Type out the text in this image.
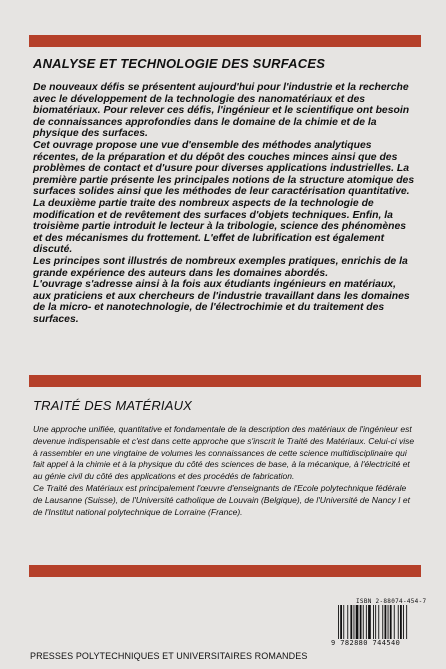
ANALYSE ET TECHNOLOGIE DES SURFACES

De nouveaux défis se présentent aujourd'hui pour l'industrie et la recherche avec le développement de la technologie des nanomatériaux et des biomatériaux. Pour relever ces défis, l'ingénieur et le scientifique ont besoin de connaissances approfondies dans le domaine de la chimie et de la physique des surfaces.

Cet ouvrage propose une vue d'ensemble des méthodes analytiques récentes, de la préparation et du dépôt des couches minces ainsi que des problèmes de contact et d'usure pour diverses applications industrielles. La première partie présente les principales notions de la structure atomique des surfaces solides ainsi que les méthodes de leur caractérisation quantitative. La deuxième partie traite des nombreux aspects de la technologie de modification et de revêtement des surfaces d'objets techniques. Enfin, la troisième partie introduit le lecteur à la tribologie, science des phénomènes et des mécanismes du frottement. L'effet de lubrification est également discuté.

Les principes sont illustrés de nombreux exemples pratiques, enrichis de la grande expérience des auteurs dans les domaines abordés.

L'ouvrage s'adresse ainsi à la fois aux étudiants ingénieurs en matériaux, aux praticiens et aux chercheurs de l'industrie travaillant dans les domaines de la micro- et nanotechnologie, de l'électrochimie et du traitement des surfaces.

TRAITÉ DES MATÉRIAUX

Une approche unifiée, quantitative et fondamentale de la description des matériaux de l'ingénieur est devenue indispensable et c'est dans cette approche que s'inscrit le Traité des Matériaux. Celui-ci vise à rassembler en une vingtaine de volumes les connaissances de cette science multidisciplinaire qui fait appel à la chimie et à la physique du côté des sciences de base, à la mécanique, à l'électricité et au génie civil du côté des applications et des procédés de fabrication.

Ce Traité des Matériaux est principalement l'œuvre d'enseignants de l'Ecole polytechnique fédérale de Lausanne (Suisse), de l'Université catholique de Louvain (Belgique), de l'Université de Nancy I et de l'Institut national polytechnique de Lorraine (France).

ISBN 2-88074-454-7
9 782880 744540
PRESSES POLYTECHNIQUES ET UNIVERSITAIRES ROMANDES
